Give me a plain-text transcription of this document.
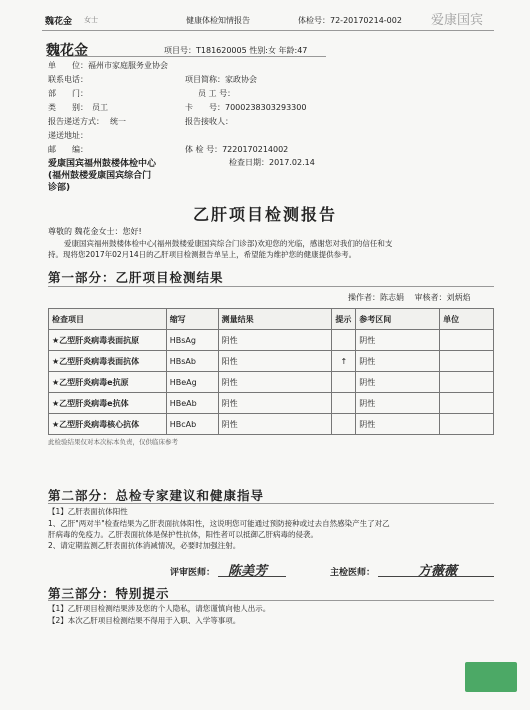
魏花金 女士	健康体检知情报告	体检号：72-20170214-002 爱康国宾
魏花金	项目号：T181620005 性别:女 年龄:47
单　　位：福州市家庭服务业协会
联系电话：	项目简称：家政协会
部　　门：	员 工 号：
类　　别： 员工	卡　　号：7000238303293300
报告递送方式： 统一	报告接收人：
递送地址：
邮　　编：	体 检 号：7220170214002
爱康国宾福州鼓楼体检中心
(福州鼓楼爱康国宾综合门
诊部)
检查日期：2017.02.14
乙肝项目检测报告
尊敬的 魏花金女士：您好!
爱康国宾福州鼓楼体检中心(福州鼓楼爱康国宾综合门诊部)欢迎您的光临，感谢您对我们的信任和支
持。现将您2017年02月14日的乙肝项目检测报告单呈上，希望能为维护您的健康提供参考。
第一部分：乙肝项目检测结果
操作者：陈志娟 审核者：刘炳焰
检查项目	缩写	测量结果	提示	参考区间	单位
★乙型肝炎病毒表面抗原	HBsAg	阴性		阴性	
★乙型肝炎病毒表面抗体	HBsAb	阳性	↑	阴性	
★乙型肝炎病毒e抗原	HBeAg	阴性		阴性	
★乙型肝炎病毒e抗体	HBeAb	阴性		阴性	
★乙型肝炎病毒核心抗体	HBcAb	阴性		阴性	
此检验结果仅对本次标本负责，仅供临床参考
第二部分：总检专家建议和健康指导
【1】乙肝表面抗体阳性
1、乙肝"两对半"检查结果为乙肝表面抗体阳性，这说明您可能通过预防接种或过去自然感染产生了对乙
肝病毒的免疫力。乙肝表面抗体是保护性抗体，阳性者可以抵御乙肝病毒的侵袭。
2、请定期监测乙肝表面抗体消减情况，必要时加强注射。
评审医师： 陈美芳	主检医师：	方薇薇
第三部分：特别提示
【1】乙肝项目检测结果涉及您的个人隐私，请您谨慎向他人出示。
【2】本次乙肝项目检测结果不得用于入职、入学等事项。
